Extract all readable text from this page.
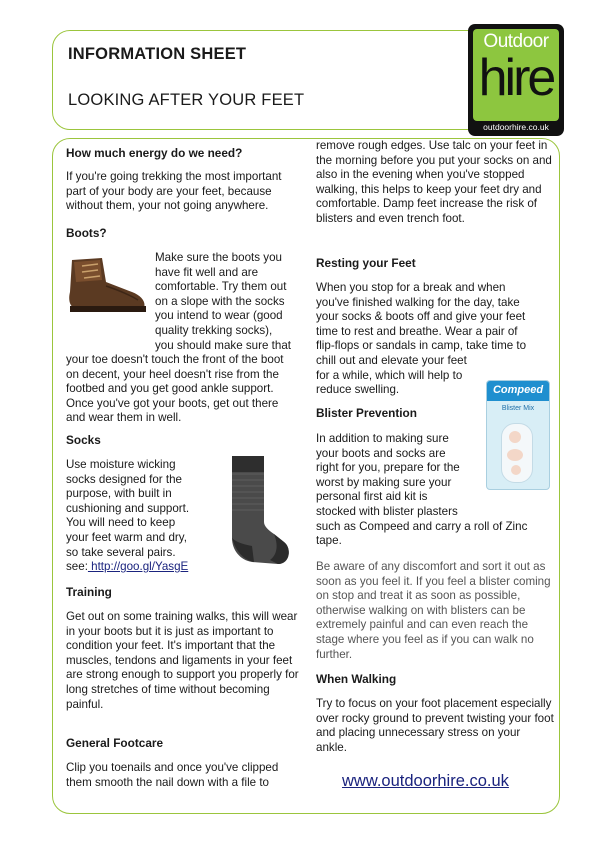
INFORMATION SHEET
LOOKING AFTER YOUR FEET
Outdoor
hire
outdoorhire.co.uk
How much energy do we need?

If you're going trekking the most important part of your body are your feet, because without them, your not going anywhere.

Boots?

Make sure the boots you

have fit well and are

comfortable. Try them out

on a slope with the socks

you intend to wear (good

quality trekking socks),

you should make sure that

your toe doesn't touch the front of the boot on decent, your heel doesn't rise from the footbed and you get good ankle support. Once you've got your boots, get out there and wear them in well.

Socks

Use moisture wicking

socks designed for the

purpose, with built in

cushioning and support.

You will need to keep

your feet warm and dry,

so take several pairs.

see: http://goo.gl/YasgE

Training

Get out on some training walks, this will wear in your boots but it is just as important to condition your feet. It's important that the muscles, tendons and ligaments in your feet are strong enough to support you properly for long stretches of time without becoming painful.

General Footcare

Clip you toenails and once you've clipped them smooth the nail down with a file to

remove rough edges. Use talc on your feet in the morning before you put your socks on and also in the evening when you've stopped walking, this helps to keep your feet dry and comfortable. Damp feet increase the risk of blisters and even trench foot.

Resting your Feet

When you stop for a break and when

you've finished walking for the day, take

your socks & boots off and give your feet

time to rest and breathe. Wear a pair of

flip-flops or sandals in camp, take time to

chill out and elevate your feet

for a while, which will help to

reduce swelling.

Blister Prevention
Compeed
Blister Mix

In addition to making sure

your boots and socks are

right for you, prepare for the

worst by making sure your

personal first aid kit is

stocked with blister plasters

such as Compeed and carry a roll of Zinc

tape.

Be aware of any discomfort and sort it out as soon as you feel it. If you feel a blister coming on stop and treat it as soon as possible, otherwise walking on with blisters can be extremely painful and can even reach the stage where you feel as if you can walk no further.

When Walking

Try to focus on your foot placement especially over rocky ground to prevent twisting your foot and placing unnecessary stress on your ankle.

www.outdoorhire.co.uk
